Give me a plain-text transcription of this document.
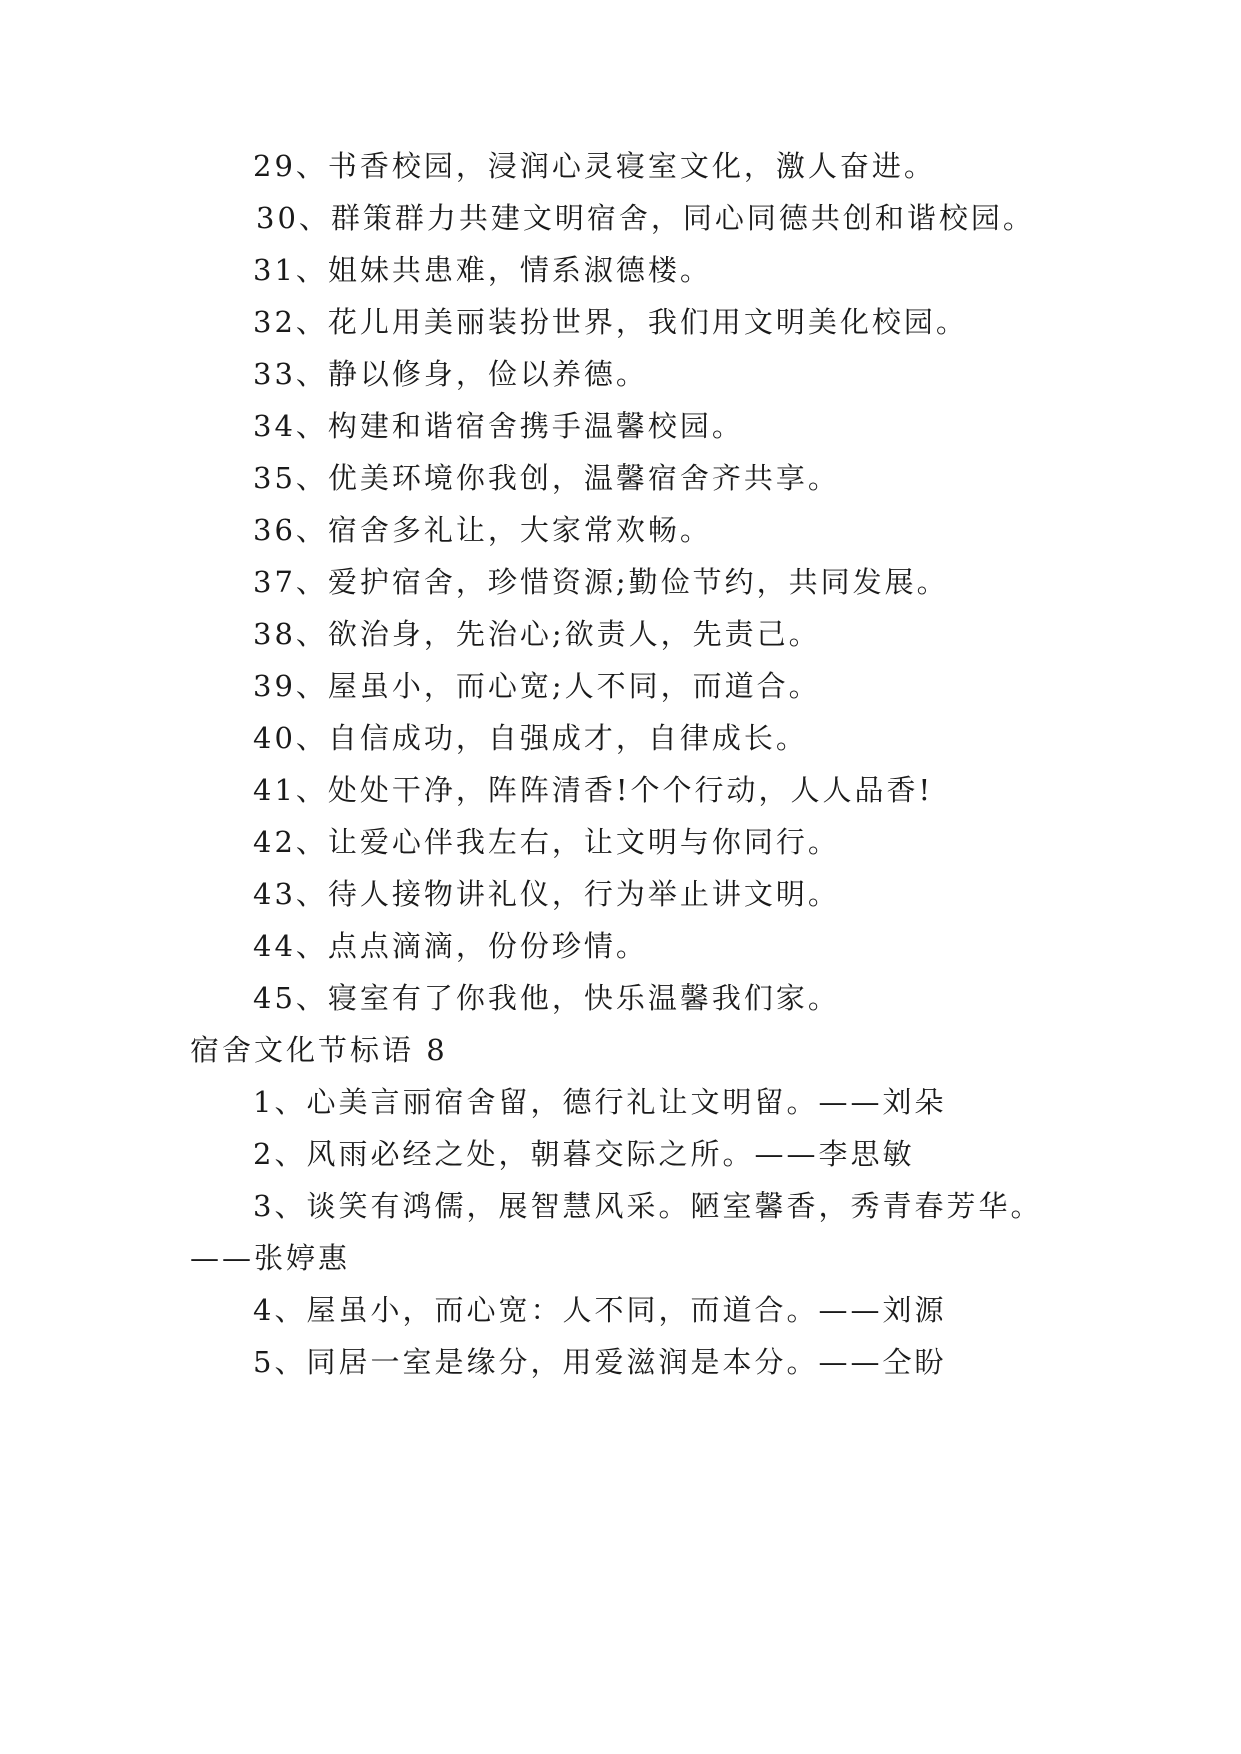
29、书香校园，浸润心灵寝室文化，激人奋进。
30、群策群力共建文明宿舍，同心同德共创和谐校园。
31、姐妹共患难，情系淑德楼。
32、花儿用美丽装扮世界，我们用文明美化校园。
33、静以修身，俭以养德。
34、构建和谐宿舍携手温馨校园。
35、优美环境你我创，温馨宿舍齐共享。
36、宿舍多礼让，大家常欢畅。
37、爱护宿舍，珍惜资源;勤俭节约，共同发展。
38、欲治身，先治心;欲责人，先责己。
39、屋虽小，而心宽;人不同，而道合。
40、自信成功，自强成才，自律成长。
41、处处干净，阵阵清香!个个行动，人人品香!
42、让爱心伴我左右，让文明与你同行。
43、待人接物讲礼仪，行为举止讲文明。
44、点点滴滴，份份珍情。
45、寝室有了你我他，快乐温馨我们家。
宿舍文化节标语 8
1、心美言丽宿舍留，德行礼让文明留。——刘朵
2、风雨必经之处，朝暮交际之所。——李思敏
3、谈笑有鸿儒，展智慧风采。陋室馨香，秀青春芳华。
——张婷惠
4、屋虽小，而心宽：人不同，而道合。——刘源
5、同居一室是缘分，用爱滋润是本分。——仝盼
